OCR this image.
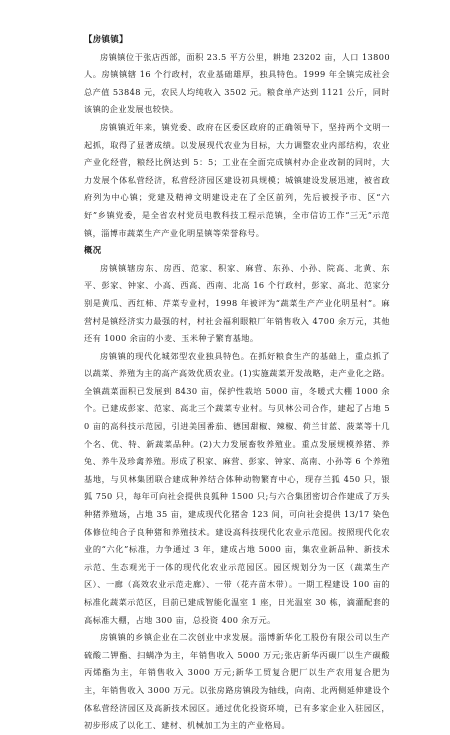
【房镇镇】

房镇镇位于张店西部，面积 23.5 平方公里，耕地 23202 亩，人口 13800 人。房镇镇辖 16 个行政村，农业基础雄厚，独具特色。1999 年全镇完成社会总产值 53848 元，农民人均纯收入 3502 元。粮食单产达到 1121 公斤，同时该镇的企业发展也较快。

房镇镇近年来，镇党委、政府在区委区政府的正确领导下，坚持两个文明一起抓，取得了显著成绩。以发展现代农业为目标，大力调整农业内部结构，农业产业化经营，粮经比例达到 5：5；工业在全面完成镇村办企业改制的同时，大力发展个体私营经济，私营经济园区建设初具规模；城镇建设发展迅速，被省政府列为中心镇；党建及精神文明建设走在了全区前列，先后被授予市、区“六好”乡镇党委，是全省农村党员电教科技工程示范镇，全市信访工作“三无”示范镇，淄博市蔬菜生产产业化明星镇等荣誉称号。

概况

房镇镇辖房东、房西、范家、积家、麻营、东孙、小孙、院高、北黄、东平、彭家、钟家、小高、西高、西南、北高 16 个行政村，彭家、高北、范家分别是黄瓜、西红柿、芹菜专业村，1998 年被评为“蔬菜生产产业化明星村”。麻营村是镇经济实力最强的村，村社会福利眼粮厂年销售收入 4700 余万元，其他还有 1000 余亩的小麦、玉米种子繁育基地。

房镇镇的现代化城郊型农业独具特色。在抓好粮食生产的基础上，重点抓了以蔬菜、养殖为主的高产高效优质农业。(1)实施蔬菜开发战略，走产业化之路。全镇蔬菜面积已发展到 8430 亩，保护性栽培 5000 亩，冬暖式大棚 1000 余个。已建成彭家、范家、高北三个蔬菜专业村。与贝林公司合作，建起了占地 50 亩的高科技示范园，引进美国番茄、德国甜椒、辣椒、荷兰甘蓝、菠菜等十几个名、优、特、新蔬菜品种。(2)大力发展畜牧养殖业。重点发展规模养猪、养兔、养牛及珍禽养殖。形成了积家、麻营、彭家、钟家、高南、小孙等 6 个养殖基地，与贝林集团联合建成种养结合体种动物繁育中心，现存兰狐 450 只，银狐 750 只，每年可向社会提供良狐种 1500 只;与六合集团密切合作建成了万头种猪养殖场，占地 35 亩，建成现代化猪舍 123 间，可向社会提供 13/17 染色体修位纯合子良种猪和养殖技术。建设高科技现代化农业示范园。按照现代化农业的“六化”标准，力争通过 3 年，建成占地 5000 亩，集农业新品种、新技术示范、生态观光于一体的现代化农业示范园区。园区规划分为一区（蔬菜生产区）、一廊（高效农业示范走廊）、一带（花卉苗木带）。一期工程建设 100 亩的标准化蔬菜示范区，目前已建成智能化温室 1 座，日光温室 30 栋，滴灌配套的高标准大棚，占地 300 亩，总投资 400 余万元。

房镇镇的乡镇企业在二次创业中求发展。淄博新华化工股份有限公司以生产硫酸二钾酯、扫螨净为主，年销售收入 5000 万元;张店新华丙碳厂以生产碳酸丙烯酯为主，年销售收入 3000 万元;新华工贸复合肥厂以生产农用复合肥为主，年销售收入 3000 万元。以张房路房镇段为轴线，向南、北两侧延伸建设个体私营经济园区及高新技术园区。通过优化投资环境，已有多家企业入驻园区，初步形成了以化工、建材、机械加工为主的产业格局。
